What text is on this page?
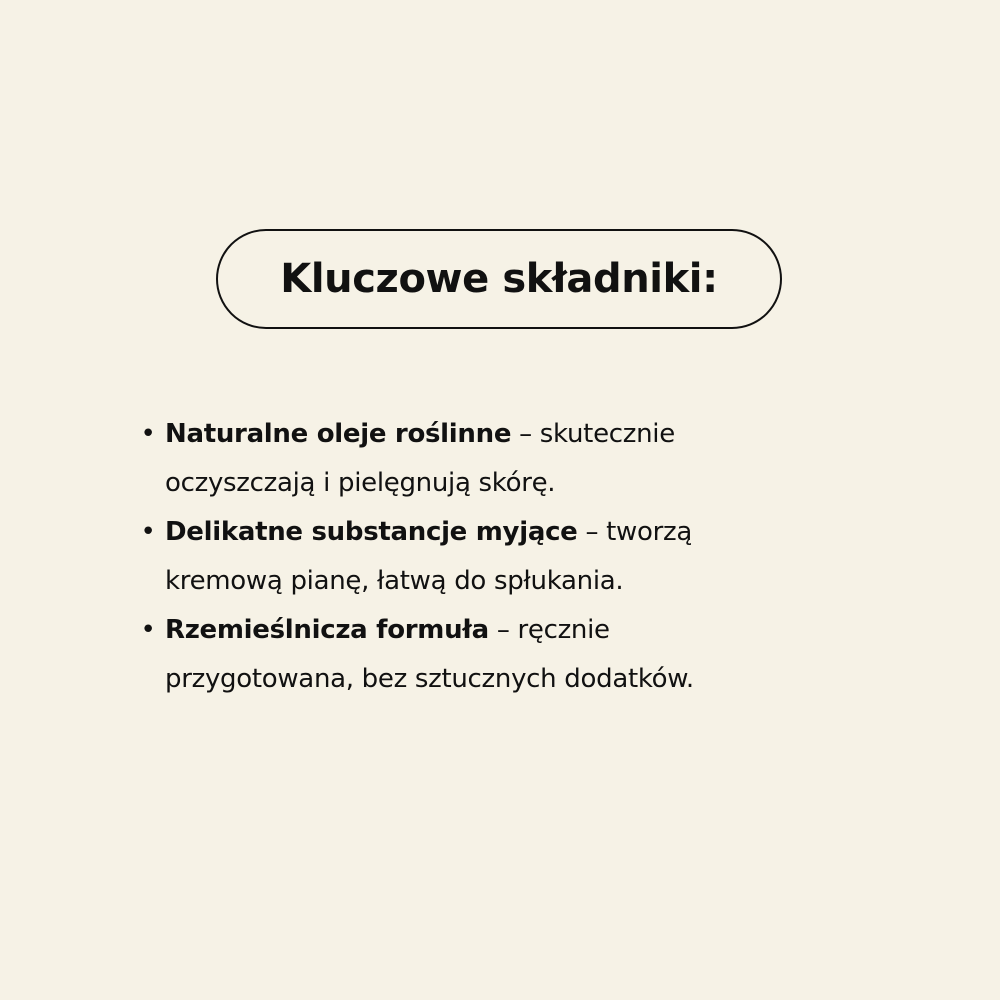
Kluczowe składniki:
• Naturalne oleje roślinne – skutecznie
oczyszczają i pielęgnują skórę.
• Delikatne substancje myjące – tworzą
kremową pianę, łatwą do spłukania.
• Rzemieślnicza formuła – ręcznie
przygotowana, bez sztucznych dodatków.
